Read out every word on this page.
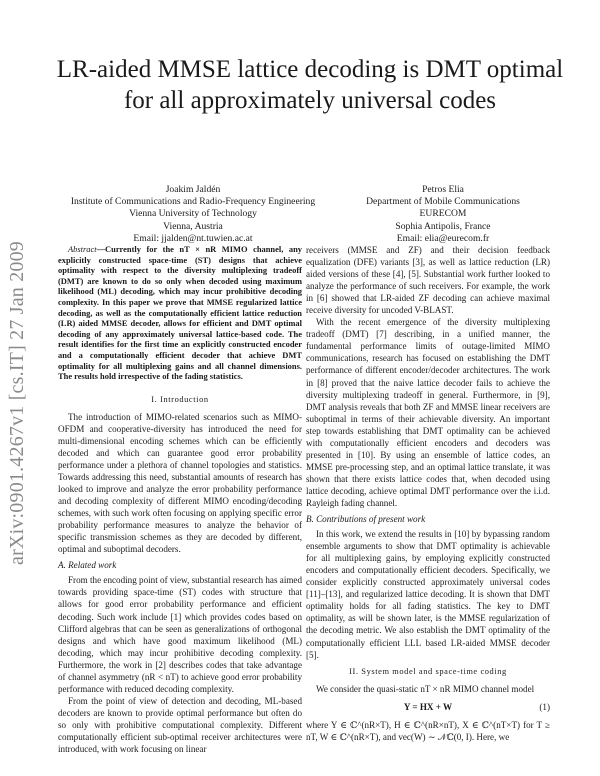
LR-aided MMSE lattice decoding is DMT optimal
for all approximately universal codes
Joakim Jaldén
Institute of Communications and Radio-Frequency Engineering
Vienna University of Technology
Vienna, Austria
Email: jjalden@nt.tuwien.ac.at
Petros Elia
Department of Mobile Communications
EURECOM
Sophia Antipolis, France
Email: elia@eurecom.fr
arXiv:0901.4267v1 [cs.IT] 27 Jan 2009	Abstract—Currently for the nT × nR MIMO channel, any explicitly constructed space-time (ST) designs that achieve optimality with respect to the diversity multiplexing tradeoff (DMT) are known to do so only when decoded using maximum likelihood (ML) decoding, which may incur prohibitive decoding complexity. In this paper we prove that MMSE regularized lattice decoding, as well as the computationally efficient lattice reduction (LR) aided MMSE decoder, allows for efficient and DMT optimal decoding of any approximately universal lattice-based code. The result identifies for the first time an explicitly constructed encoder and a computationally efficient decoder that achieve DMT optimality for all multiplexing gains and all channel dimensions. The results hold irrespective of the fading statistics.

I. Introduction

The introduction of MIMO-related scenarios such as MIMO-OFDM and cooperative-diversity has introduced the need for multi-dimensional encoding schemes which can be efficiently decoded and which can guarantee good error probability performance under a plethora of channel topologies and statistics. Towards addressing this need, substantial amounts of research has looked to improve and analyze the error probability performance and decoding complexity of different MIMO encoding/decoding schemes, with such work often focusing on applying specific error probability performance measures to analyze the behavior of specific transmission schemes as they are decoded by different, optimal and suboptimal decoders.

A. Related work

From the encoding point of view, substantial research has aimed towards providing space-time (ST) codes with structure that allows for good error probability performance and efficient decoding. Such work include [1] which provides codes based on Clifford algebras that can be seen as generalizations of orthogonal designs and which have good maximum likelihood (ML) decoding, which may incur prohibitive decoding complexity. Furthermore, the work in [2] describes codes that take advantage of channel asymmetry (nR < nT) to achieve good error probability performance with reduced decoding complexity.

From the point of view of detection and decoding, ML-based decoders are known to provide optimal performance but often do so only with prohibitive computational complexity. Different computationally efficient sub-optimal receiver architectures were introduced, with work focusing on linear

receivers (MMSE and ZF) and their decision feedback equalization (DFE) variants [3], as well as lattice reduction (LR) aided versions of these [4], [5]. Substantial work further looked to analyze the performance of such receivers. For example, the work in [6] showed that LR-aided ZF decoding can achieve maximal receive diversity for uncoded V-BLAST.

With the recent emergence of the diversity multiplexing tradeoff (DMT) [7] describing, in a unified manner, the fundamental performance limits of outage-limited MIMO communications, research has focused on establishing the DMT performance of different encoder/decoder architectures. The work in [8] proved that the naive lattice decoder fails to achieve the diversity multiplexing tradeoff in general. Furthermore, in [9], DMT analysis reveals that both ZF and MMSE linear receivers are suboptimal in terms of their achievable diversity. An important step towards establishing that DMT optimality can be achieved with computationally efficient encoders and decoders was presented in [10]. By using an ensemble of lattice codes, an MMSE pre-processing step, and an optimal lattice translate, it was shown that there exists lattice codes that, when decoded using lattice decoding, achieve optimal DMT performance over the i.i.d. Rayleigh fading channel.

B. Contributions of present work

In this work, we extend the results in [10] by bypassing random ensemble arguments to show that DMT optimality is achievable for all multiplexing gains, by employing explicitly constructed encoders and computationally efficient decoders. Specifically, we consider explicitly constructed approximately universal codes [11]–[13], and regularized lattice decoding. It is shown that DMT optimality holds for all fading statistics. The key to DMT optimality, as will be shown later, is the MMSE regularization of the decoding metric. We also establish the DMT optimality of the computationally efficient LLL based LR-aided MMSE decoder [5].

II. System model and space-time coding

We consider the quasi-static nT × nR MIMO channel model

Y = HX + W	(1)

where Y ∈ ℂ^(nR×T), H ∈ ℂ^(nR×nT), X ∈ ℂ^(nT×T) for T ≥ nT, W ∈ ℂ^(nR×T), and vec(W) ∼ 𝒩ℂ(0, I). Here, we
